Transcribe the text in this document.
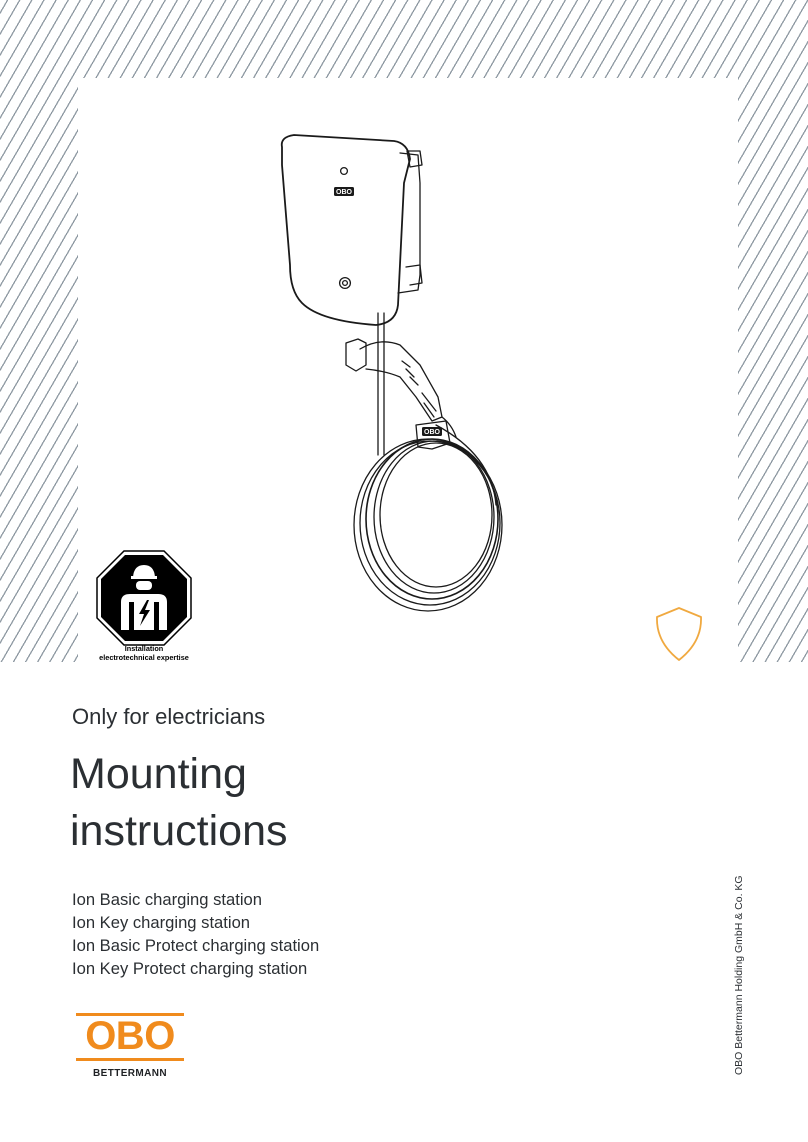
OBO
OBO
Installation
electrotechnical expertise
Only for electricians
Mounting
instructions
Ion Basic charging station
Ion Key charging station
Ion Basic Protect charging station
Ion Key Protect charging station
OBO
BETTERMANN	OBO Bettermann Holding GmbH & Co. KG
